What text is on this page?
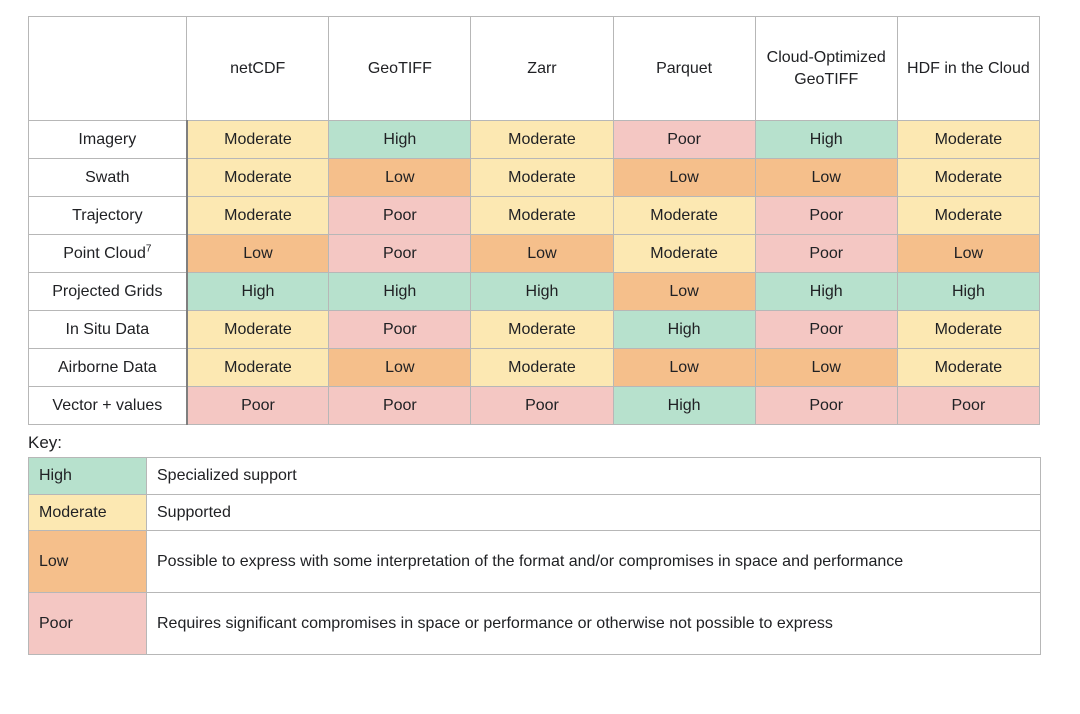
	netCDF	GeoTIFF	Zarr	Parquet	Cloud-Optimized GeoTIFF	HDF in the Cloud
Imagery	Moderate	High	Moderate	Poor	High	Moderate
Swath	Moderate	Low	Moderate	Low	Low	Moderate
Trajectory	Moderate	Poor	Moderate	Moderate	Poor	Moderate
Point Cloud$^7$	Low	Poor	Low	Moderate	Poor	Low
Projected Grids	High	High	High	Low	High	High
In Situ Data	Moderate	Poor	Moderate	High	Poor	Moderate
Airborne Data	Moderate	Low	Moderate	Low	Low	Moderate
Vector + values	Poor	Poor	Poor	High	Poor	Poor
Key:
High	Specialized support
Moderate	Supported
Low	Possible to express with some interpretation of the format and/or compromises in space and performance
Poor	Requires significant compromises in space or performance or otherwise not possible to express
